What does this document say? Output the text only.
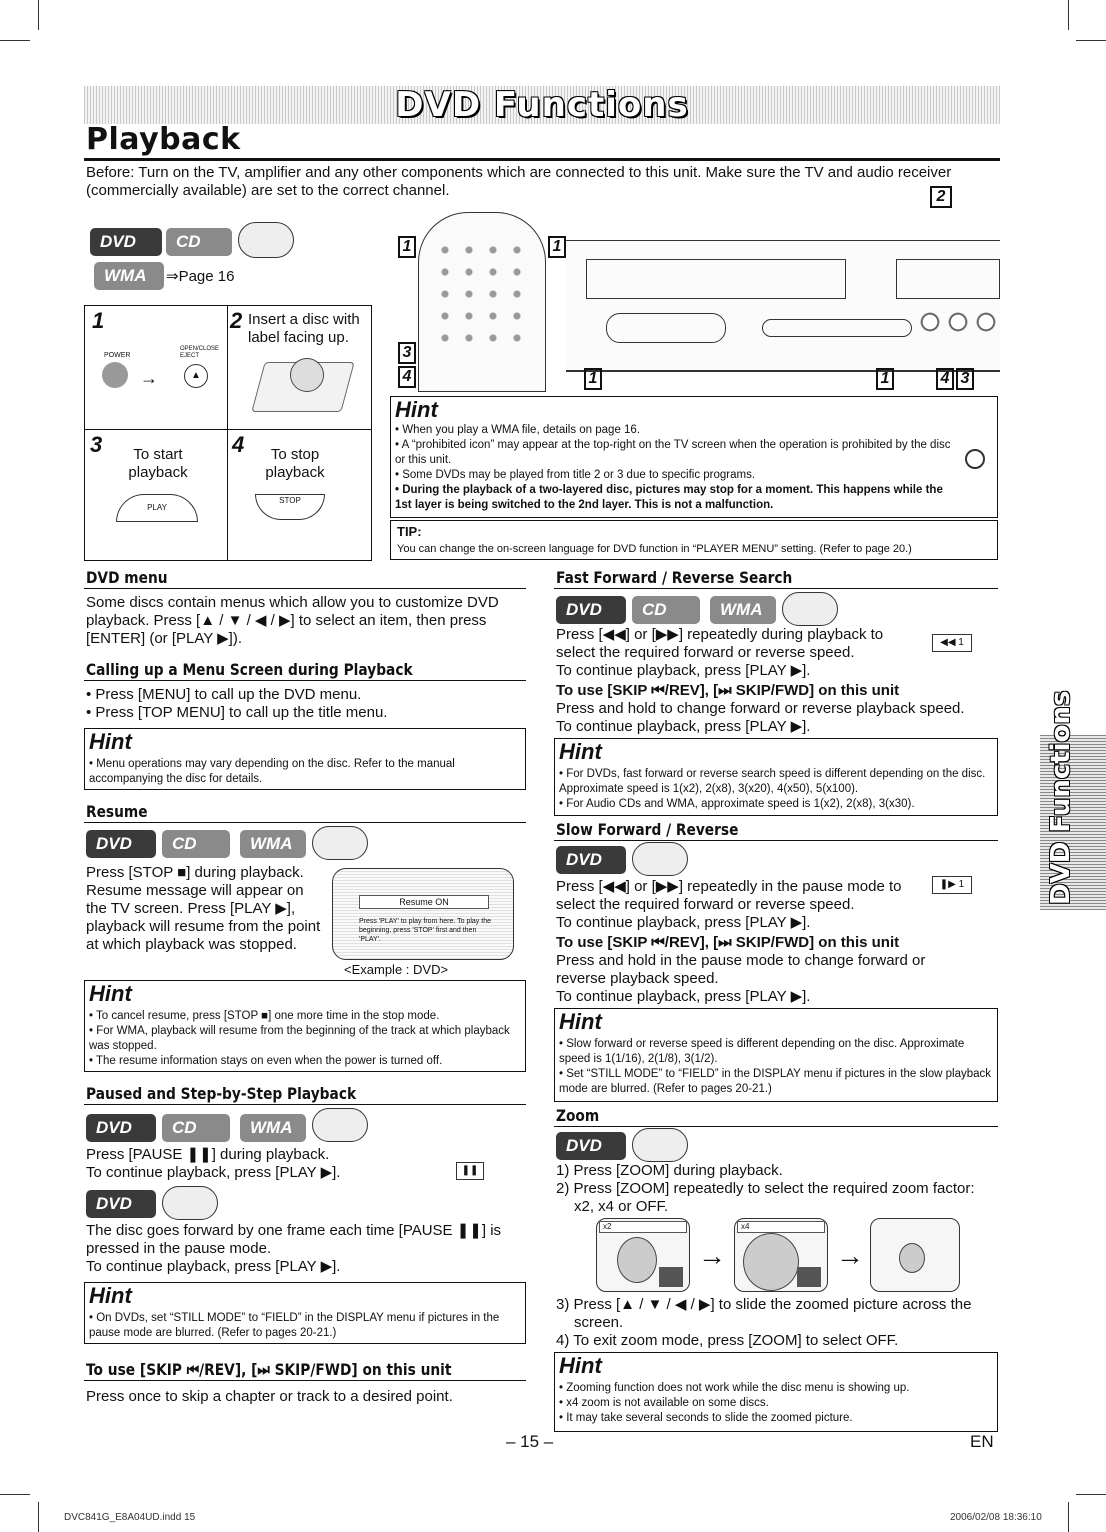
DVD Functions
Playback
Before: Turn on the TV, amplifier and any other components which are connected to this unit. Make sure the TV and audio receiver (commercially available) are set to the correct channel.
DVD	CD
WMA	⇒Page 16
1
POWER
OPEN/CLOSE EJECT
→	▲
2 Insert a disc with label facing up.
3	To start playback
PLAY
4	To stop playback
STOP
1	1
2
3
4	1	1	4 3
Hint

• When you play a WMA file, details on page 16.

• A “prohibited icon” may appear at the top-right on the TV screen when the operation is prohibited by the disc or this unit.

• Some DVDs may be played from title 2 or 3 due to specific programs.

• During the playback of a two-layered disc, pictures may stop for a moment. This happens while the 1st layer is being switched to the 2nd layer. This is not a malfunction.

TIP:
You can change the on-screen language for DVD function in “PLAYER MENU” setting. (Refer to page 20.)
DVD menu
Some discs contain menus which allow you to customize DVD playback. Press [▲ / ▼ / ◀ / ▶] to select an item, then press [ENTER] (or [PLAY ▶]).
Calling up a Menu Screen during Playback

• Press [MENU] to call up the DVD menu.

• Press [TOP MENU] to call up the title menu.

Hint

• Menu operations may vary depending on the disc. Refer to the manual accompanying the disc for details.

Resume
DVD	CD	WMA
Press [STOP ■] during playback. Resume message will appear on the TV screen. Press [PLAY ▶], playback will resume from the point at which playback was stopped.
Resume ON
Press 'PLAY' to play from here. To play the beginning, press 'STOP' first and then 'PLAY'.
<Example : DVD>
Hint

• To cancel resume, press [STOP ■] one more time in the stop mode.

• For WMA, playback will resume from the beginning of the track at which playback was stopped.

• The resume information stays on even when the power is turned off.

Paused and Step-by-Step Playback
DVD	CD	WMA
Press [PAUSE ❚❚] during playback.
To continue playback, press [PLAY ▶].	❚❚
DVD
The disc goes forward by one frame each time [PAUSE ❚❚] is pressed in the pause mode.
To continue playback, press [PLAY ▶].
Hint

• On DVDs, set “STILL MODE” to “FIELD” in the DISPLAY menu if pictures in the pause mode are blurred. (Refer to pages 20-21.)

To use [SKIP ⏮/REV], [⏭ SKIP/FWD] on this unit
Press once to skip a chapter or track to a desired point.
Fast Forward / Reverse Search
DVD	CD	WMA
Press [◀◀] or [▶▶] repeatedly during playback to select the required forward or reverse speed.
◀◀ 1
To continue playback, press [PLAY ▶].
To use [SKIP ⏮/REV], [⏭ SKIP/FWD] on this unit
Press and hold to change forward or reverse playback speed.
To continue playback, press [PLAY ▶].
Hint

• For DVDs, fast forward or reverse search speed is different depending on the disc. Approximate speed is 1(x2), 2(x8), 3(x20), 4(x50), 5(x100).

• For Audio CDs and WMA, approximate speed is 1(x2), 2(x8), 3(x30).

Slow Forward / Reverse
DVD
Press [◀◀] or [▶▶] repeatedly in the pause mode to select the required forward or reverse speed.
❚▶ 1
To continue playback, press [PLAY ▶].
To use [SKIP ⏮/REV], [⏭ SKIP/FWD] on this unit
Press and hold in the pause mode to change forward or reverse playback speed.
To continue playback, press [PLAY ▶].
Hint

• Slow forward or reverse speed is different depending on the disc. Approximate speed is 1(1/16), 2(1/8), 3(1/2).

• Set “STILL MODE” to “FIELD” in the DISPLAY menu if pictures in the slow playback mode are blurred. (Refer to pages 20-21.)

Zoom
DVD
1) Press [ZOOM] during playback.
2) Press [ZOOM] repeatedly to select the required zoom factor: x2, x4 or OFF.
x2
→
x4
→
3) Press [▲ / ▼ / ◀ / ▶] to slide the zoomed picture across the screen.
4) To exit zoom mode, press [ZOOM] to select OFF.
Hint

• Zooming function does not work while the disc menu is showing up.

• x4 zoom is not available on some discs.

• It may take several seconds to slide the zoomed picture.

DVD Functions
– 15 –	EN
DVC841G_E8A04UD.indd 15	2006/02/08 18:36:10
